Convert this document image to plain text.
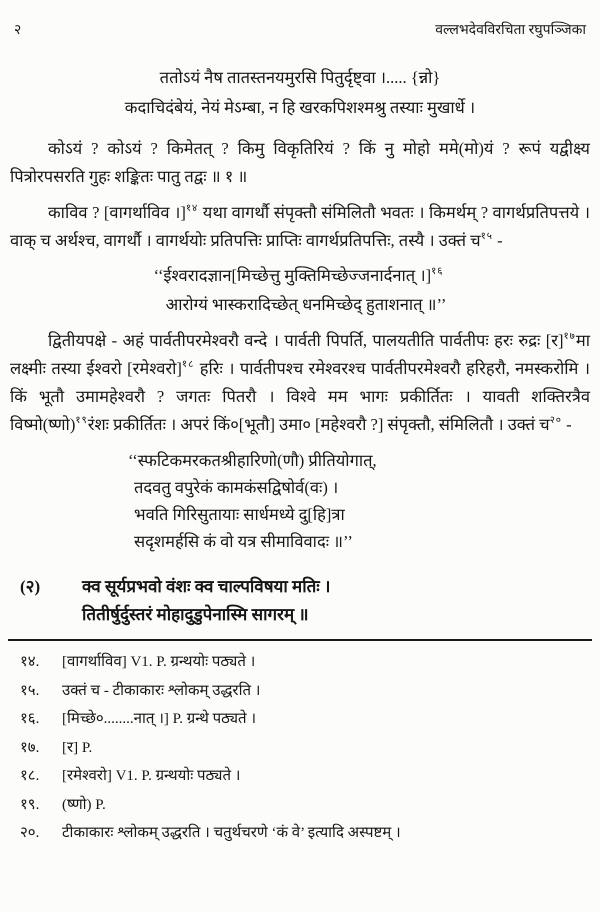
२	वल्लभदेवविरचिता रघुपञ्जिका
ततोऽयं नैष तातस्तनयमुरसि पितुर्दृष्ट्वा ।..... {न्नो}
कदाचिदंबेयं, नेयं मेऽम्बा, न हि खरकपिशश्मश्रु तस्याः मुखार्धे ।

कोऽयं ? कोऽयं ? किमेतत् ? किमु विकृतिरियं ? किं नु मोहो ममे(मो)यं ? रूपं यद्वीक्ष्य पित्रोरपसरति गुहः शङ्कितः पातु तद्वः ॥ १ ॥

काविव ? [वागर्थाविव ।]$^{१४}$ यथा वागर्थौ संपृक्तौ संमिलितौ भवतः । किमर्थम् ? वागर्थप्रतिपत्तये । वाक् च अर्थश्च, वागर्थौ । वागर्थयोः प्रतिपत्तिः प्राप्तिः वागर्थप्रतिपत्तिः, तस्यै । उक्तं च$^{१५}$ -

‘‘ईश्वरादज्ञान[मिच्छेत्तु मुक्तिमिच्छेज्जनार्दनात् ।]$^{१६}$
आरोग्यं भास्करादिच्छेत् धनमिच्छेद् हुताशनात् ॥’’

द्वितीयपक्षे - अहं पार्वतीपरमेश्वरौ वन्दे । पार्वती पिपर्ति, पालयतीति पार्वतीपः हरः रुद्रः [र]$^{१७}$मा लक्ष्मीः तस्या ईश्वरो [रमेश्वरो]$^{१८}$ हरिः । पार्वतीपश्च रमेश्वरश्च पार्वतीपरमेश्वरौ हरिहरौ, नमस्करोमि । किं भूतौ उमामहेश्वरौ ? जगतः पितरौ । विश्वे मम भागः प्रकीर्तितः । यावती शक्तिरत्रैव विष्मो(ष्णो)$^{१९}$रंशः प्रकीर्तितः । अपरं किं०[भूतौ] उमा० [महेश्वरौ ?] संपृक्तौ, संमिलितौ । उक्तं च$^{२०}$ -

‘‘स्फटिकमरकतश्रीहारिणो(णौ) प्रीतियोगात्,
तदवतु वपुरेकं कामकंसद्विषोर्व(वः) ।
भवति गिरिसुतायाः सार्धमध्ये दु[हि]त्रा
सदृशमर्हसि कं वो यत्र सीमाविवादः ॥’’
(२)	क्व सूर्यप्रभवो वंशः क्व चाल्पविषया मतिः ।
तितीर्षुर्दुस्तरं मोहादुडुपेनास्मि सागरम् ॥
१४.	[वागर्थाविव] V1. P. ग्रन्थयोः पठ्यते ।
१५.	उक्तं च - टीकाकारः श्लोकम् उद्धरति ।
१६.	[मिच्छे०........नात् ।] P. ग्रन्थे पठ्यते ।
१७.	[र] P.
१८.	[रमेश्वरो] V1. P. ग्रन्थयोः पठ्यते ।
१९.	(ष्णो) P.
२०.	टीकाकारः श्लोकम् उद्धरति । चतुर्थचरणे ‘कं वे’ इत्यादि अस्पष्टम् ।
